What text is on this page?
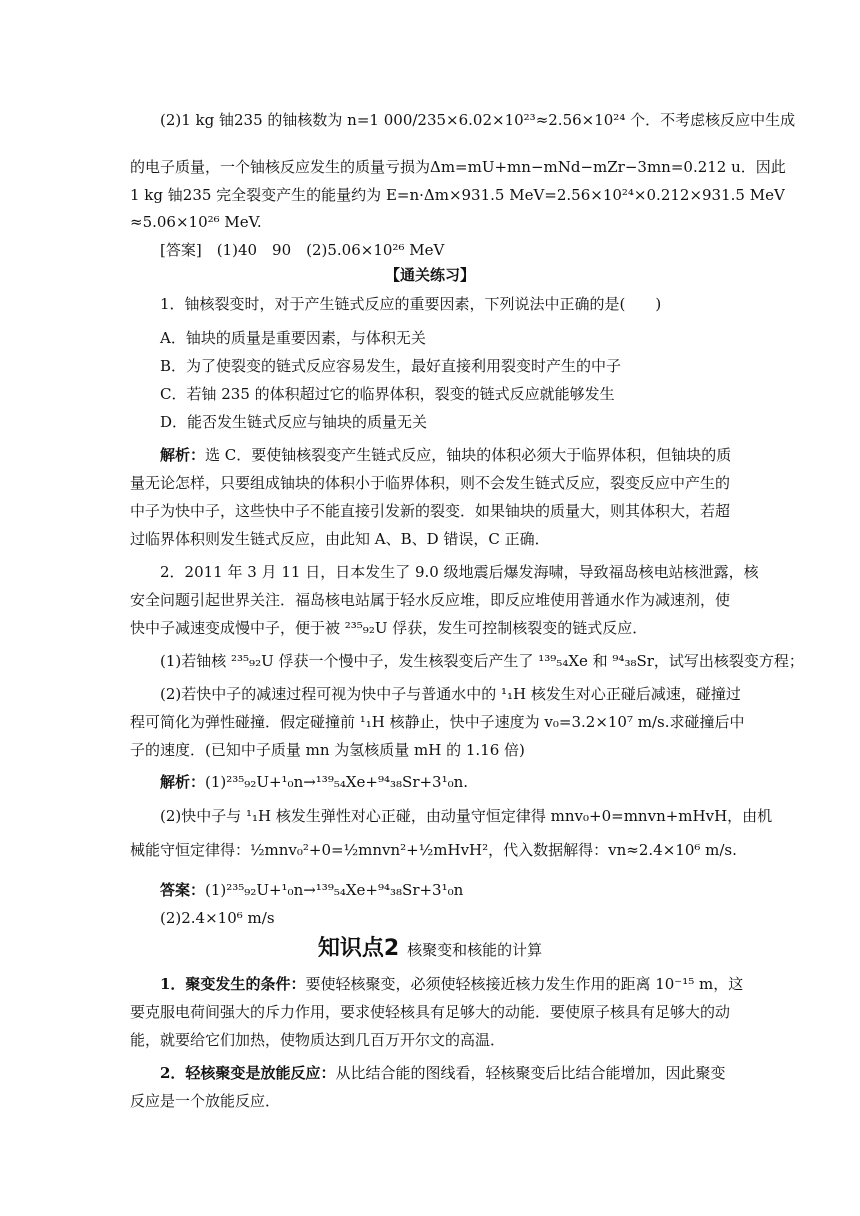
(2)1 kg 铀235 的铀核数为 n=1 000/235×6.02×10²³≈2.56×10²⁴ 个．不考虑核反应中生成
的电子质量，一个铀核反应发生的质量亏损为Δm=mU+mn−mNd−mZr−3mn=0.212 u．因此
1 kg 铀235 完全裂变产生的能量约为 E=n·Δm×931.5 MeV=2.56×10²⁴×0.212×931.5 MeV
≈5.06×10²⁶ MeV.
[答案]　(1)40　90　(2)5.06×10²⁶ MeV
【通关练习】
1．铀核裂变时，对于产生链式反应的重要因素，下列说法中正确的是(　　)
A．铀块的质量是重要因素，与体积无关
B．为了使裂变的链式反应容易发生，最好直接利用裂变时产生的中子
C．若铀 235 的体积超过它的临界体积，裂变的链式反应就能够发生
D．能否发生链式反应与铀块的质量无关
解析：选 C．要使铀核裂变产生链式反应，铀块的体积必须大于临界体积，但铀块的质
量无论怎样，只要组成铀块的体积小于临界体积，则不会发生链式反应，裂变反应中产生的
中子为快中子，这些快中子不能直接引发新的裂变．如果铀块的质量大，则其体积大，若超
过临界体积则发生链式反应，由此知 A、B、D 错误，C 正确．
2．2011 年 3 月 11 日，日本发生了 9.0 级地震后爆发海啸，导致福岛核电站核泄露，核
安全问题引起世界关注．福岛核电站属于轻水反应堆，即反应堆使用普通水作为减速剂，使
快中子减速变成慢中子，便于被 ²³⁵₉₂U 俘获，发生可控制核裂变的链式反应．
(1)若铀核 ²³⁵₉₂U 俘获一个慢中子，发生核裂变后产生了 ¹³⁹₅₄Xe 和 ⁹⁴₃₈Sr，试写出核裂变方程；
(2)若快中子的减速过程可视为快中子与普通水中的 ¹₁H 核发生对心正碰后减速，碰撞过
程可简化为弹性碰撞．假定碰撞前 ¹₁H 核静止，快中子速度为 v₀=3.2×10⁷ m/s.求碰撞后中
子的速度．(已知中子质量 mn 为氢核质量 mH 的 1.16 倍)
解析：(1)²³⁵₉₂U+¹₀n→¹³⁹₅₄Xe+⁹⁴₃₈Sr+3¹₀n.
(2)快中子与 ¹₁H 核发生弹性对心正碰，由动量守恒定律得 mnv₀+0=mnvn+mHvH，由机
械能守恒定律得：½mnv₀²+0=½mnvn²+½mHvH²，代入数据解得：vn≈2.4×10⁶ m/s.
答案：(1)²³⁵₉₂U+¹₀n→¹³⁹₅₄Xe+⁹⁴₃₈Sr+3¹₀n
(2)2.4×10⁶ m/s
知识点2 核聚变和核能的计算
1．聚变发生的条件：要使轻核聚变，必须使轻核接近核力发生作用的距离 10⁻¹⁵ m，这
要克服电荷间强大的斥力作用，要求使轻核具有足够大的动能．要使原子核具有足够大的动
能，就要给它们加热，使物质达到几百万开尔文的高温．
2．轻核聚变是放能反应：从比结合能的图线看，轻核聚变后比结合能增加，因此聚变
反应是一个放能反应．
